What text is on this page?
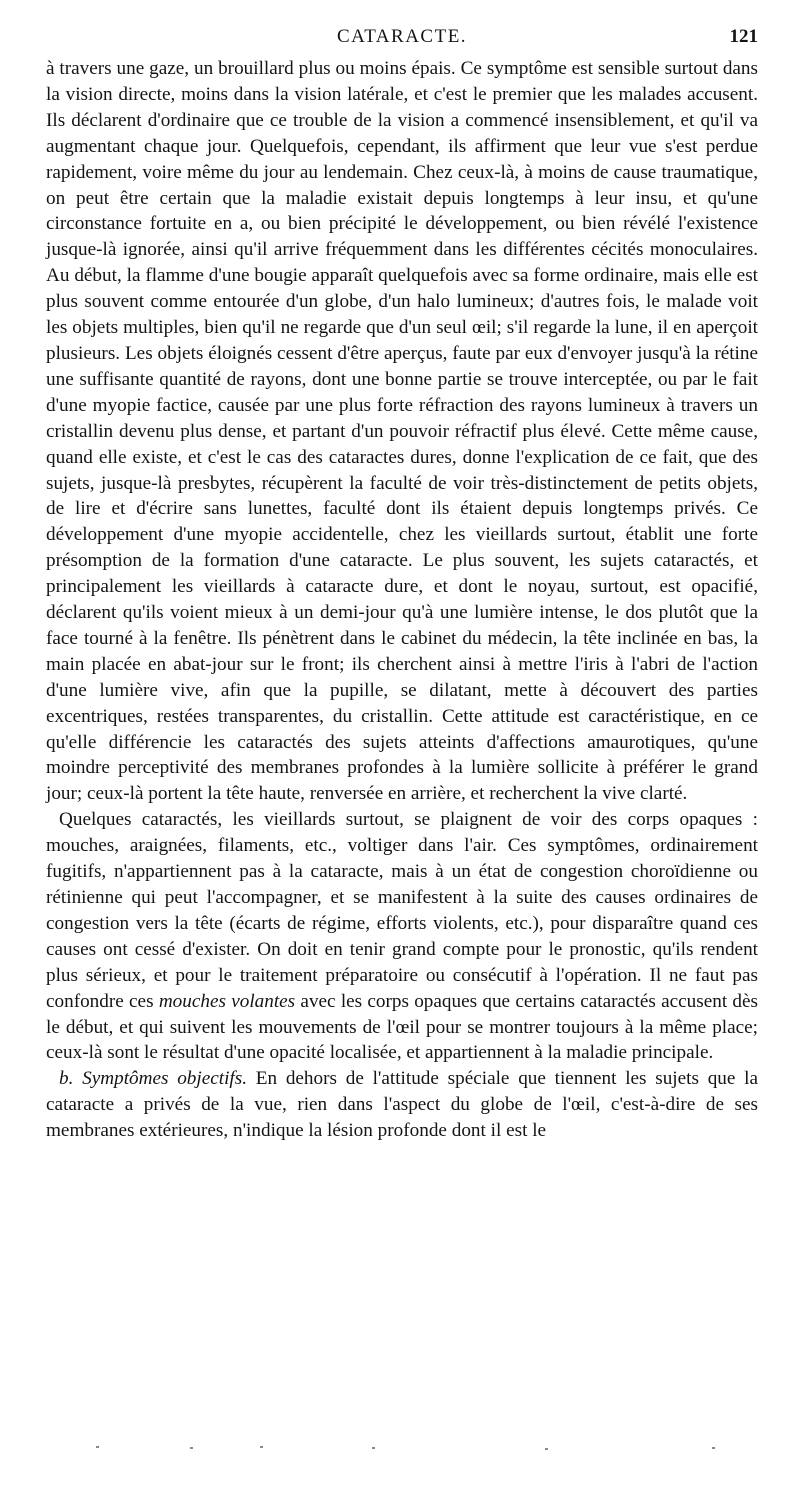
CATARACTE.	121

à travers une gaze, un brouillard plus ou moins épais. Ce symptôme est sensible surtout dans la vision directe, moins dans la vision latérale, et c'est le premier que les malades accusent. Ils déclarent d'ordinaire que ce trouble de la vision a commencé insensiblement, et qu'il va augmentant chaque jour. Quelquefois, cependant, ils affirment que leur vue s'est perdue rapidement, voire même du jour au lendemain. Chez ceux-là, à moins de cause traumatique, on peut être certain que la maladie existait depuis longtemps à leur insu, et qu'une circonstance fortuite en a, ou bien précipité le développement, ou bien révélé l'existence jusque-là ignorée, ainsi qu'il arrive fréquemment dans les différentes cécités monoculaires. Au début, la flamme d'une bougie apparaît quelquefois avec sa forme ordinaire, mais elle est plus souvent comme entourée d'un globe, d'un halo lumineux; d'autres fois, le malade voit les objets multiples, bien qu'il ne regarde que d'un seul œil; s'il regarde la lune, il en aperçoit plusieurs. Les objets éloignés cessent d'être aperçus, faute par eux d'envoyer jusqu'à la rétine une suffisante quantité de rayons, dont une bonne partie se trouve interceptée, ou par le fait d'une myopie factice, causée par une plus forte réfraction des rayons lumineux à travers un cristallin devenu plus dense, et partant d'un pouvoir réfractif plus élevé. Cette même cause, quand elle existe, et c'est le cas des cataractes dures, donne l'explication de ce fait, que des sujets, jusque-là presbytes, récupèrent la faculté de voir très-distinctement de petits objets, de lire et d'écrire sans lunettes, faculté dont ils étaient depuis longtemps privés. Ce développement d'une myopie accidentelle, chez les vieillards surtout, établit une forte présomption de la formation d'une cataracte. Le plus souvent, les sujets cataractés, et principalement les vieillards à cataracte dure, et dont le noyau, surtout, est opacifié, déclarent qu'ils voient mieux à un demi-jour qu'à une lumière intense, le dos plutôt que la face tourné à la fenêtre. Ils pénètrent dans le cabinet du médecin, la tête inclinée en bas, la main placée en abat-jour sur le front; ils cherchent ainsi à mettre l'iris à l'abri de l'action d'une lumière vive, afin que la pupille, se dilatant, mette à découvert des parties excentriques, restées transparentes, du cristallin. Cette attitude est caractéristique, en ce qu'elle différencie les cataractés des sujets atteints d'affections amaurotiques, qu'une moindre perceptivité des membranes profondes à la lumière sollicite à préférer le grand jour; ceux-là portent la tête haute, renversée en arrière, et recherchent la vive clarté.

Quelques cataractés, les vieillards surtout, se plaignent de voir des corps opaques : mouches, araignées, filaments, etc., voltiger dans l'air. Ces symptômes, ordinairement fugitifs, n'appartiennent pas à la cataracte, mais à un état de congestion choroïdienne ou rétinienne qui peut l'accompagner, et se manifestent à la suite des causes ordinaires de congestion vers la tête (écarts de régime, efforts violents, etc.), pour disparaître quand ces causes ont cessé d'exister. On doit en tenir grand compte pour le pronostic, qu'ils rendent plus sérieux, et pour le traitement préparatoire ou consécutif à l'opération. Il ne faut pas confondre ces mouches volantes avec les corps opaques que certains cataractés accusent dès le début, et qui suivent les mouvements de l'œil pour se montrer toujours à la même place; ceux-là sont le résultat d'une opacité localisée, et appartiennent à la maladie principale.

b. Symptômes objectifs. En dehors de l'attitude spéciale que tiennent les sujets que la cataracte a privés de la vue, rien dans l'aspect du globe de l'œil, c'est-à-dire de ses membranes extérieures, n'indique la lésion profonde dont il est le
